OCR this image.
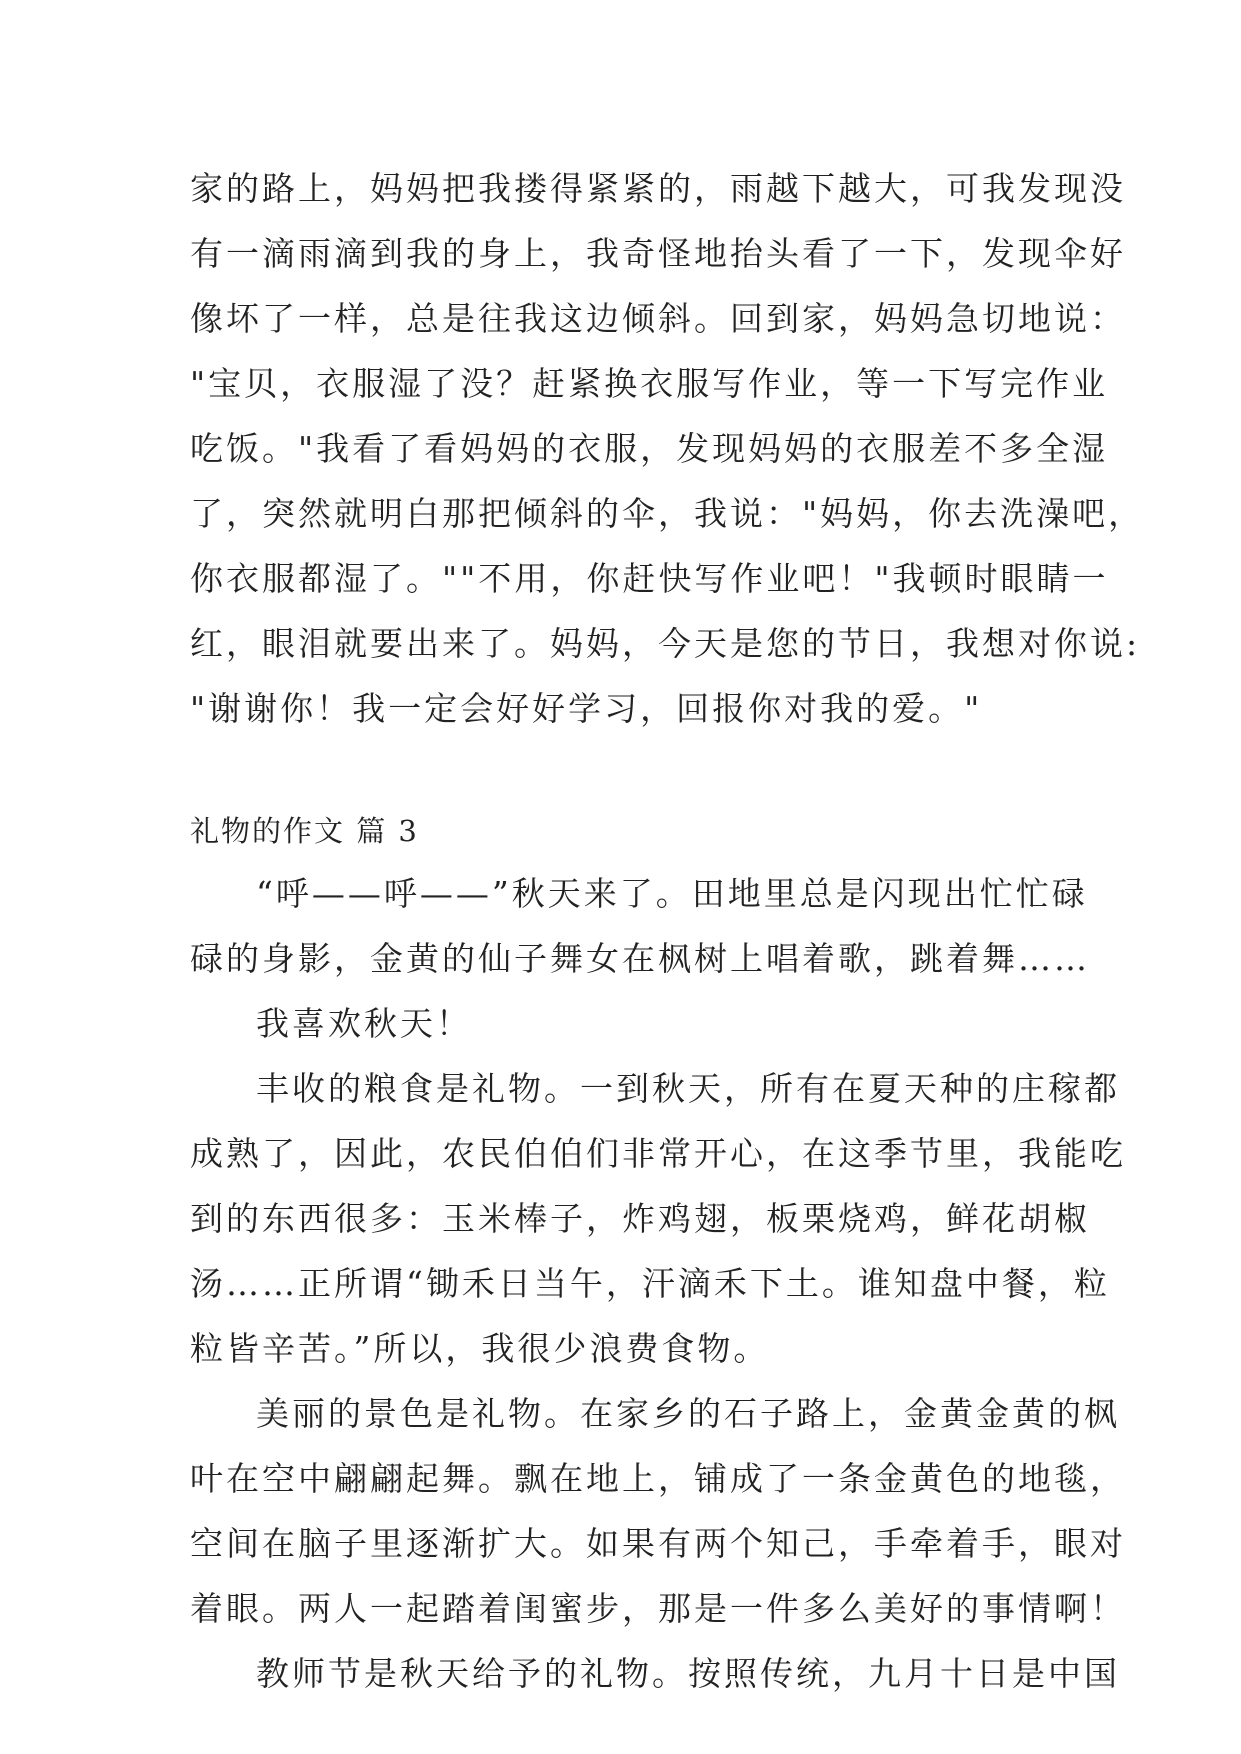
家的路上，妈妈把我搂得紧紧的，雨越下越大，可我发现没
有一滴雨滴到我的身上，我奇怪地抬头看了一下，发现伞好
像坏了一样，总是往我这边倾斜。回到家，妈妈急切地说：
"宝贝，衣服湿了没？赶紧换衣服写作业，等一下写完作业
吃饭。"我看了看妈妈的衣服，发现妈妈的衣服差不多全湿
了，突然就明白那把倾斜的伞，我说："妈妈，你去洗澡吧，
你衣服都湿了。""不用，你赶快写作业吧！"我顿时眼睛一
红，眼泪就要出来了。妈妈，今天是您的节日，我想对你说:
"谢谢你！我一定会好好学习，回报你对我的爱。"
礼物的作文 篇 3
“呼——呼——”秋天来了。田地里总是闪现出忙忙碌
碌的身影，金黄的仙子舞女在枫树上唱着歌，跳着舞……
我喜欢秋天！
丰收的粮食是礼物。一到秋天，所有在夏天种的庄稼都
成熟了，因此，农民伯伯们非常开心，在这季节里，我能吃
到的东西很多：玉米棒子，炸鸡翅，板栗烧鸡，鲜花胡椒
汤……正所谓“锄禾日当午，汗滴禾下土。谁知盘中餐，粒
粒皆辛苦。”所以，我很少浪费食物。
美丽的景色是礼物。在家乡的石子路上，金黄金黄的枫
叶在空中翩翩起舞。飘在地上，铺成了一条金黄色的地毯，
空间在脑子里逐渐扩大。如果有两个知己，手牵着手，眼对
着眼。两人一起踏着闺蜜步，那是一件多么美好的事情啊！
教师节是秋天给予的礼物。按照传统，九月十日是中国
